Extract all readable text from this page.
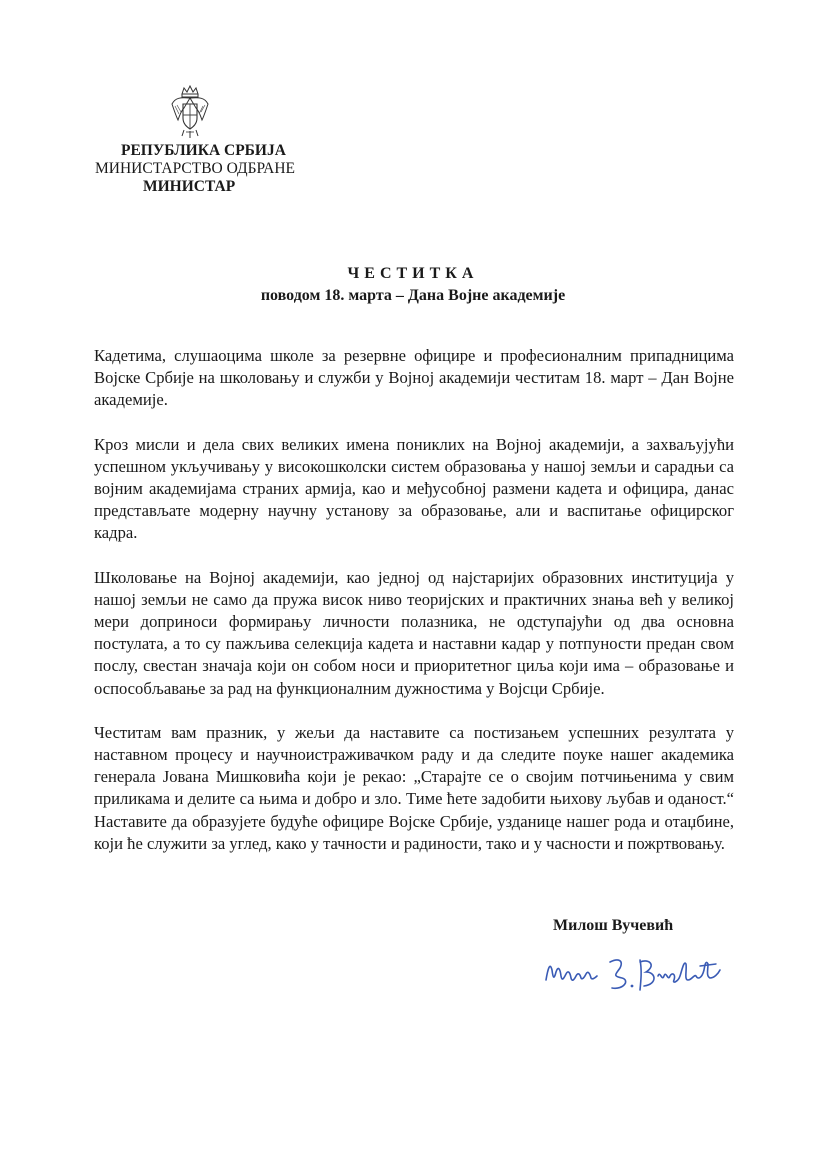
РЕПУБЛИКА СРБИЈА
МИНИСТАРСТВО ОДБРАНЕ
МИНИСТАР
ЧЕСТИТКА
поводом 18. марта – Дана Војне академије

Кадетима, слушаоцима школе за резервне официре и професионалним припадницима Војске Србије на школовању и служби у Војној академији честитам 18. март – Дан Војне академије.

Кроз мисли и дела свих великих имена пониклих на Војној академији, а захваљујући успешном укључивању у високошколски систем образовања у нашој земљи и сарадњи са војним академијама страних армија, као и међусобној размени кадета и официра, данас представљате модерну научну установу за образовање, али и васпитање официрског кадра.

Школовање на Војној академији, као једној од најстаријих образовних институција у нашој земљи не само да пружа висок ниво теоријских и практичних знања већ у великој мери доприноси формирању личности полазника, не одступајући од два основна постулата, а то су пажљива селекција кадета и наставни кадар у потпуности предан свом послу, свестан значаја који он собом носи и приоритетног циља који има – образовање и оспособљавање за рад на функционалним дужностима у Војсци Србије.

Честитам вам празник, у жељи да наставите са постизањем успешних резултата у наставном процесу и научноистраживачком раду и да следите поуке нашег академика генерала Јована Мишковића који је рекао: „Старајте се о својим потчињенима у свим приликама и делите са њима и добро и зло. Тиме ћете задобити њихову љубав и оданост.“ Наставите да образујете будуће официре Војске Србије, узданице нашег рода и отаџбине, који ће служити за углед, како у тачности и радиности, тако и у часности и пожртвовању.

Милош Вучевић
